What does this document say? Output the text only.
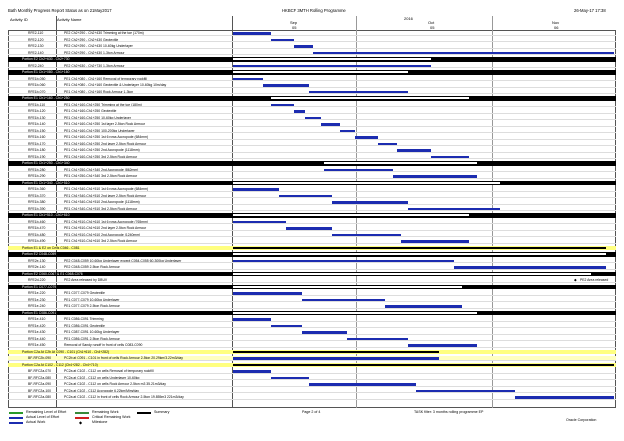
Bath Monthly Progress Report Status as on 21May2017	HKBCF 3MTH Rolling Programme	26-May-17 17:38
Activity ID	Activity Name	2016
Sep	Oct	Nov
05	05	06
RFE2-110	PE2 Ch2+290 - Ch2+430 Trimming at the toe (170m)
RFE2-120	PE2 Ch2+290 - Ch2+430 Geotextile
RFE2-130	PE2 Ch2+290 - Ch2+430 10-60kg Underlayer
RFE2-140	PE2 Ch2+290 - Ch2+430 1-3ton Armour
Portion E2 Ch2+630 - Ch2+730
RFE2-240	PE2 Ch2+630 - Ch2+730 1-3ton Armour
Portion E1 Ch1+080 - Ch1+160
RFE1b-050	PE1 Ch1+080 - Ch1+160 Removal of temporary rockfill
RFE1b-060	PE1 Ch1+080 - Ch1+160 Geotextile & Underlayer 10-60kg 10m/day
RFE1b-070	PE1 Ch1+080 - Ch1+160 Rock Armour 1-3ton
Portion E1 Ch1+160 - Ch1+250
RFE1b-110	PE1 Ch1+160-Ch1+250 Trimming at the toe (180m)
RFE1b-120	PE1 Ch1+160-Ch1+250 Geotextile
RFE1b-130	PE1 Ch1+160-Ch1+250 10-60kg Underlayer
RFE1b-140	PE1 Ch1+160-Ch1+250 1st layer 2-5ton Rock Armour
RFE1b-150	PE1 Ch1+160-Ch1+250 100-200kg Underlayer
RFE1b-160	PE1 Ch1+160-Ch1+250 1st 6 rows Accropode (684mm)
RFE1b-170	PE1 Ch1+160-Ch1+250 2nd layer 2-5ton Rock Armour
RFE1b-180	PE1 Ch1+160-Ch1+250 2nd Accropode (1118mm)
RFE1b-190	PE1 Ch1+160-Ch1+250 3rd 2-5ton Rock Armour
Portion E1 Ch1+250 - Ch1+340
RFE1b-280	PE1 Ch1+250-Ch1+340 2nd Accropode (862mm)
RFE1b-290	PE1 Ch1+250-Ch1+340 3rd 2-5ton Rock Armour
Portion E1 Ch1+340 - Ch1+510
RFE1b-360	PE1 Ch1+340-Ch1+510 1st 6 rows Accropode (684mm)
RFE1b-370	PE1 Ch1+340-Ch1+510 2nd layer 2-5ton Rock Armour
RFE1b-380	PE1 Ch1+340-Ch1+510 2nd Accropode (1118mm)
RFE1b-390	PE1 Ch1+340-Ch1+510 3rd 2-5ton Rock Armour
Portion E1 Ch1+510 - Ch1+610
RFE1b-460	PE1 Ch1+510-Ch1+610 1st 6 rows Accropode (765mm)
RFE1b-470	PE1 Ch1+510-Ch1+610 2nd layer 2-5ton Rock Armour
RFE1b-480	PE1 Ch1+510-Ch1+610 2nd Accropode (1240mm)
RFE1b-490	PE1 Ch1+510-Ch1+610 3rd 2-5ton Rock Armour
Portion E1 & E2 on Cells C046 - C081
Portion E2 C048-C059
RFE2e-130	PE2 C048-C059 10-60kg Underlayer except C054-C055 60-300kg Underlayer
RFE2e-140	PE2 C048-C059 2-5ton Rock Armour
Portion E2 C060-C067 & E1 C068-C076
RFE2d-220	PE2 Area released by DBUV	◆ PE2 Area released
Portion E1 C077-C079
RFE1e-220	PE1 C077-C079 Geotextile
RFE1e-230	PE1 C077-C079 10-60kg Underlayer
RFE1e-240	PE1 C077-C079 2-5ton Rock Armour
Portion E1 C086-C091
RFE1e-410	PE1 C086-C091 Trimming
RFE1e-420	PE1 C086-C091 Geotextile
RFE1e-430	PE1 C087-C091 10-60kg Underlayer
RFE1e-440	PE1 C086-C091 2-5ton Rock Armour
RFE1e-450	Removal of Sandy runoff in front of cells C083-C090
Portion C2a At C2b At C090 - C101 (Ch1+610 - Ch4+282)
BF-RFC2b-090	PC2b at C091 - C101 in front of cells Rock Armour 2-5ton 20.29km/3.22m3/day
Portion C2a At C102 - C112 (Ch4+282 - Ch4+710)
BF-RFC2a-070	PC2a at C102 - C112 on cells Removal of temporary rockfill
BF-RFC2a-080	PC2a at C102 - C112 on cells Underlayer 10-60kg
BF-RFC2a-090	PC2a at C102 - C112 on cells Rock Armour 2-5ton m3 35.21m3/day
BF-RFC2a-100	PC2a at C102 - C112 Accropode 6.22km/Mim/day
BF-RFC2a-080	PC2a at C102 - C112 in front of cells Rock Armour 2-5ton 19.855m3 221m3/day
Remaining Level of Effort
Actual Level of Effort
Actual Work
Remaining Work
Critical Remaining Work
◆	Milestone
Summary	Page 2 of 4	TASK filter: 3 months rolling programme EP
Oracle Corporation
